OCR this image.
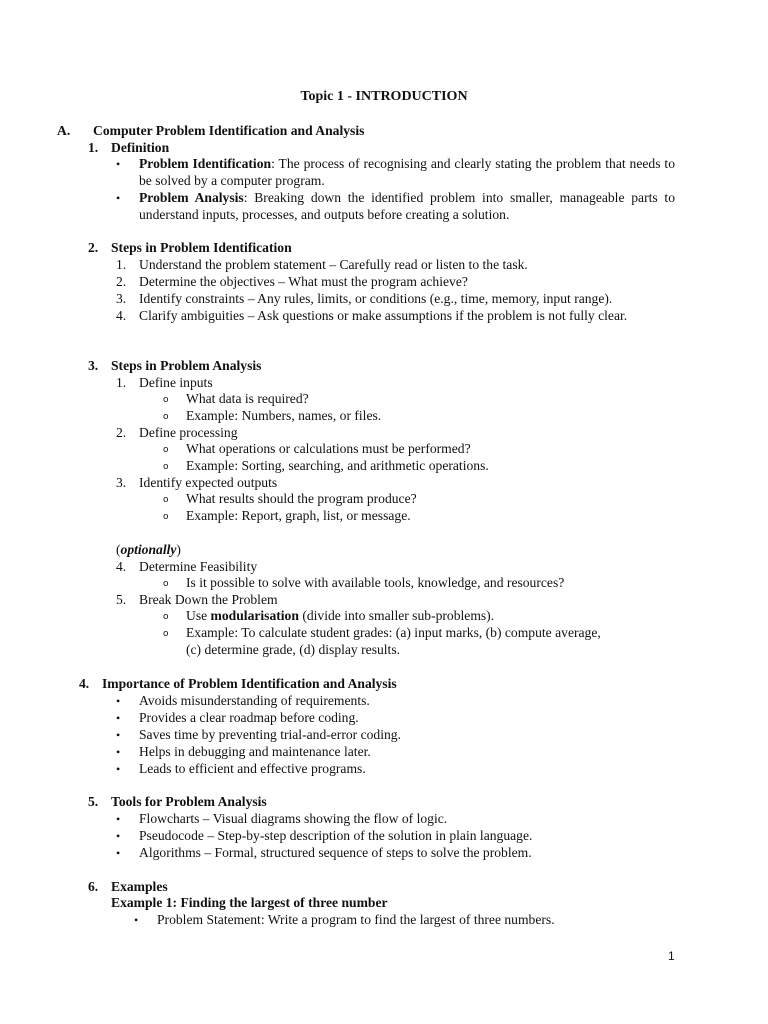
Topic 1 - INTRODUCTION
A. Computer Problem Identification and Analysis
1. Definition
• Problem Identification: The process of recognising and clearly stating the problem that needs to be solved by a computer program.
• Problem Analysis: Breaking down the identified problem into smaller, manageable parts to understand inputs, processes, and outputs before creating a solution.
2. Steps in Problem Identification
1. Understand the problem statement – Carefully read or listen to the task.
2. Determine the objectives – What must the program achieve?
3. Identify constraints – Any rules, limits, or conditions (e.g., time, memory, input range).
4. Clarify ambiguities – Ask questions or make assumptions if the problem is not fully clear.
3. Steps in Problem Analysis
1. Define inputs
o What data is required?
o Example: Numbers, names, or files.
2. Define processing
o What operations or calculations must be performed?
o Example: Sorting, searching, and arithmetic operations.
3. Identify expected outputs
o What results should the program produce?
o Example: Report, graph, list, or message.
(optionally)
4. Determine Feasibility
o Is it possible to solve with available tools, knowledge, and resources?
5. Break Down the Problem
o Use modularisation (divide into smaller sub-problems).
o Example: To calculate student grades: (a) input marks, (b) compute average,
(c) determine grade, (d) display results.
4. Importance of Problem Identification and Analysis
• Avoids misunderstanding of requirements.
• Provides a clear roadmap before coding.
• Saves time by preventing trial-and-error coding.
• Helps in debugging and maintenance later.
• Leads to efficient and effective programs.
5. Tools for Problem Analysis
• Flowcharts – Visual diagrams showing the flow of logic.
• Pseudocode – Step-by-step description of the solution in plain language.
• Algorithms – Formal, structured sequence of steps to solve the problem.
6. Examples
Example 1: Finding the largest of three number
• Problem Statement: Write a program to find the largest of three numbers.
1
